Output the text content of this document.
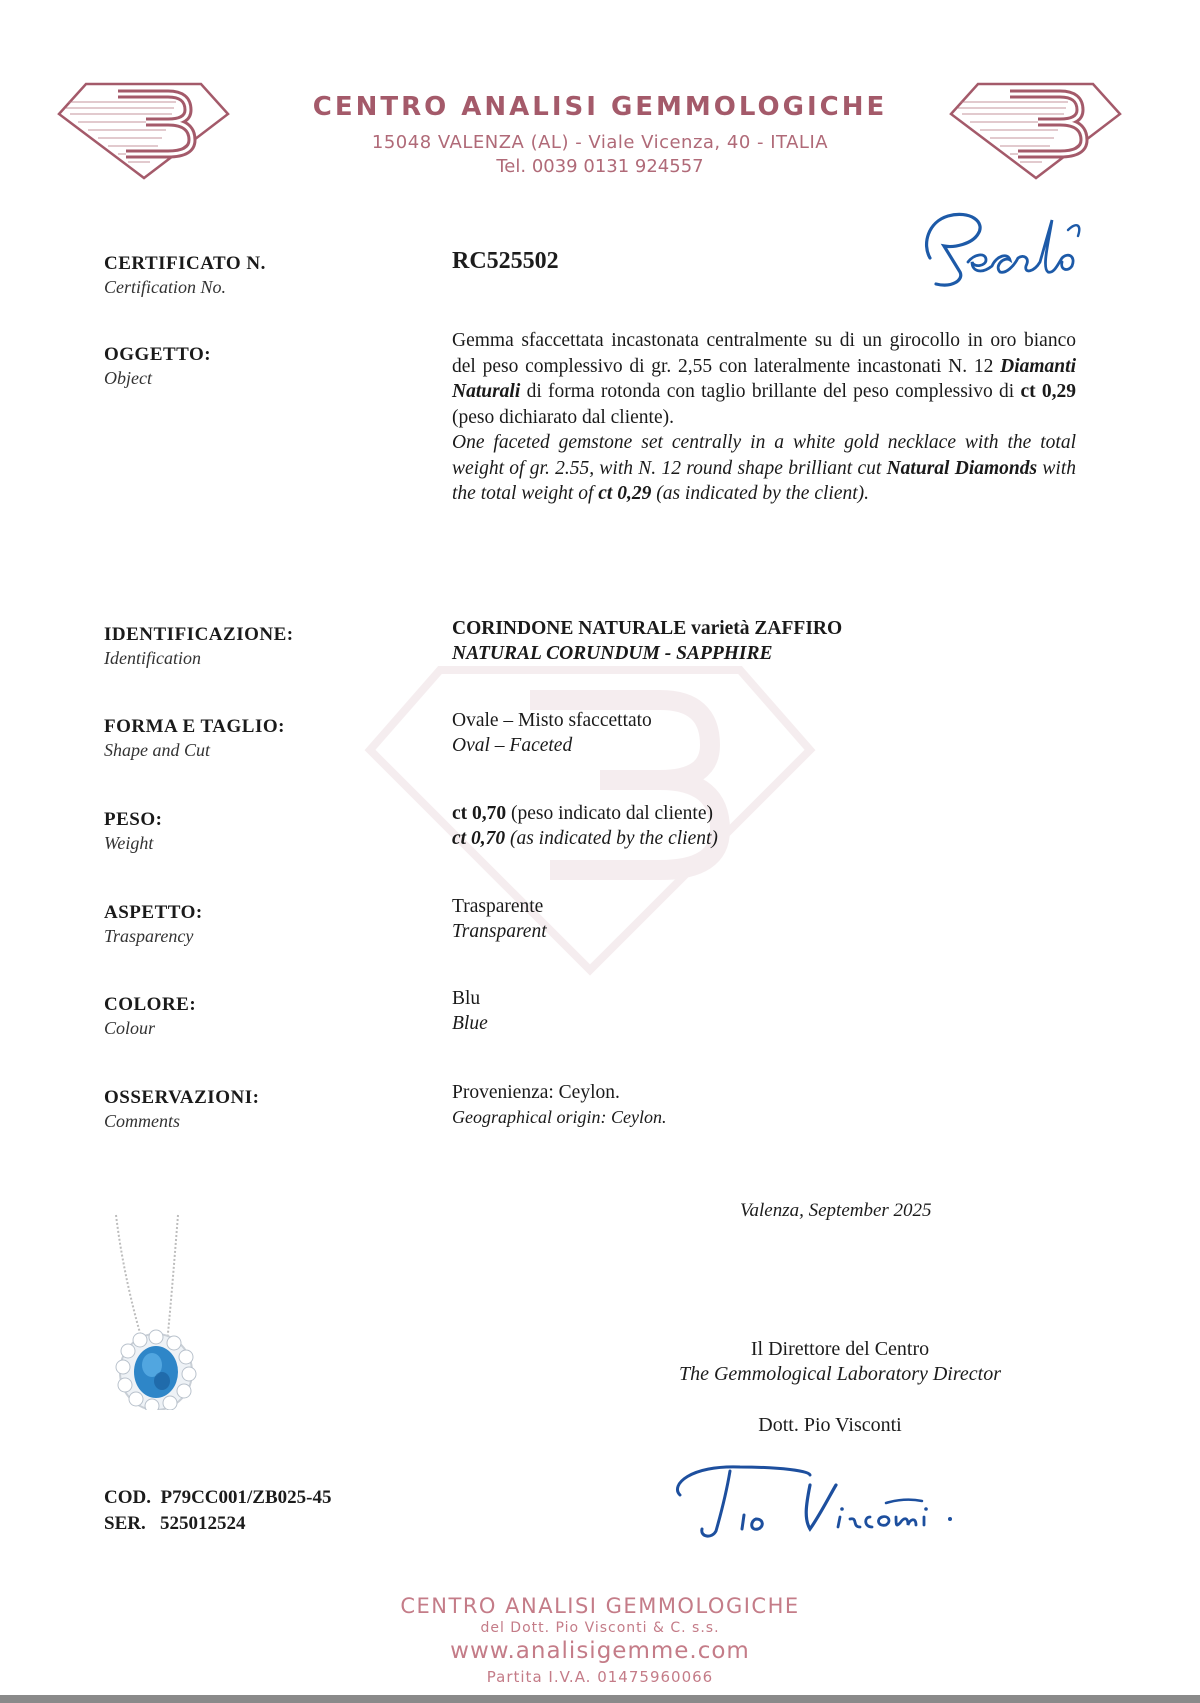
CENTRO ANALISI GEMMOLOGICHE
15048 VALENZA (AL) - Viale Vicenza, 40 - ITALIA
Tel. 0039 0131 924557
CERTIFICATO N.
Certification No.
RC525502
OGGETTO:
Object

Gemma sfaccettata incastonata centralmente su di un girocollo in oro bianco del peso complessivo di gr. 2,55 con lateralmente incastonati N. 12 Diamanti Naturali di forma rotonda con taglio brillante del peso complessivo di ct 0,29 (peso dichiarato dal cliente).

One faceted gemstone set centrally in a white gold necklace with the total weight of gr. 2.55, with N. 12 round shape brilliant cut Natural Diamonds with the total weight of ct 0,29 (as indicated by the client).

IDENTIFICAZIONE:
Identification
CORINDONE NATURALE varietà ZAFFIRO
NATURAL CORUNDUM - SAPPHIRE
FORMA E TAGLIO:
Shape and Cut
Ovale – Misto sfaccettato
Oval – Faceted
PESO:
Weight
ct 0,70 (peso indicato dal cliente)
ct 0,70 (as indicated by the client)
ASPETTO:
Trasparency
Trasparente
Transparent
COLORE:
Colour
Blu
Blue
OSSERVAZIONI:
Comments
Provenienza: Ceylon.
Geographical origin: Ceylon.
Valenza, September 2025
Il Direttore del Centro
The Gemmological Laboratory Director
Dott. Pio Visconti
COD. P79CC001/ZB025-45
SER. 525012524
CENTRO ANALISI GEMMOLOGICHE
del Dott. Pio Visconti & C. s.s.
www.analisigemme.com
Partita I.V.A. 01475960066
